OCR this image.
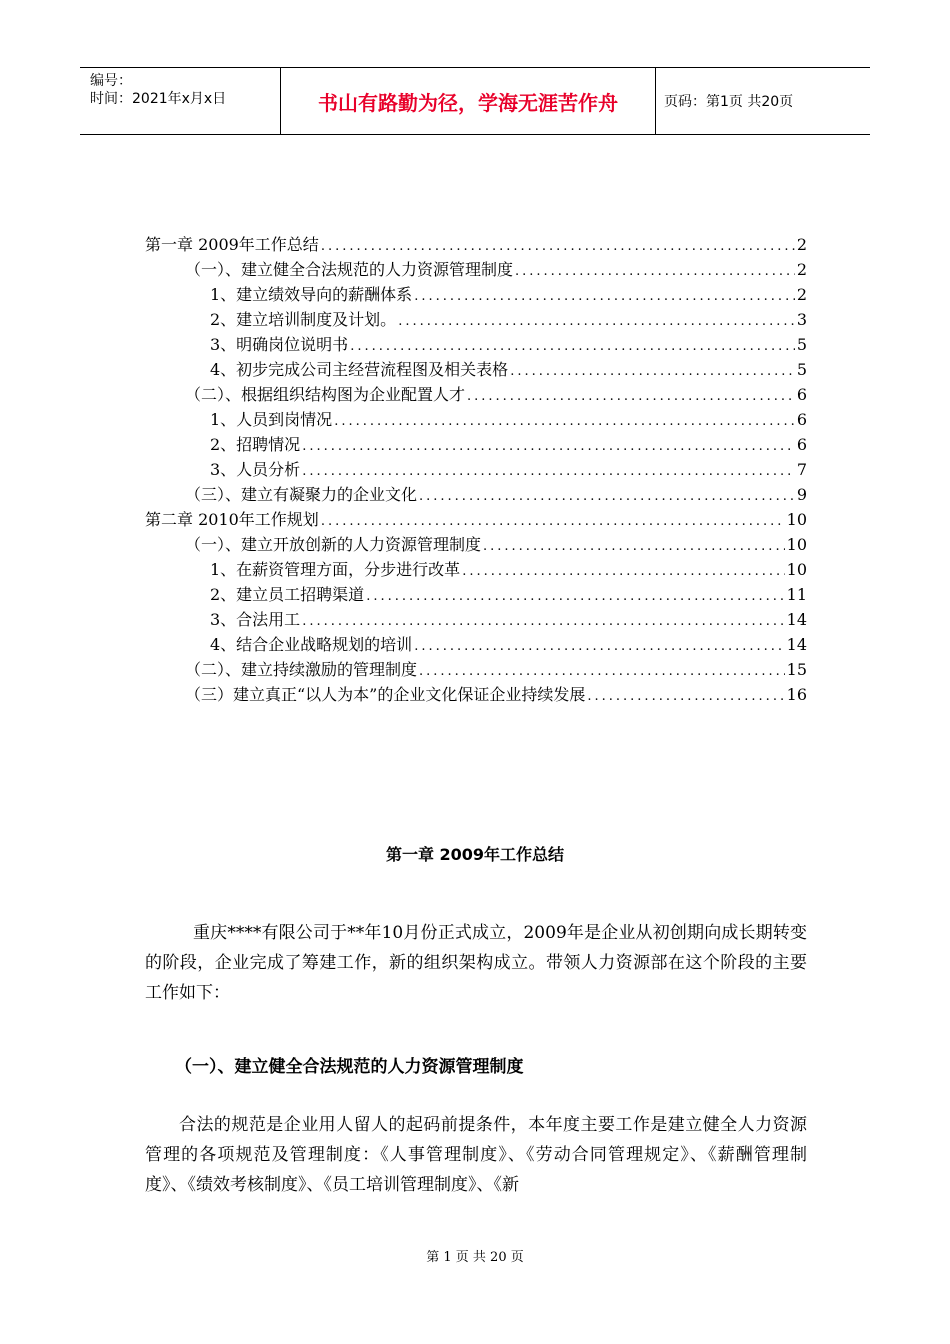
编号：
时间：2021年x月x日	书山有路勤为径，学海无涯苦作舟	页码：第1页 共20页
第一章 2009年工作总结 .....	2
（一）、建立健全合法规范的人力资源管理制度 .....	2
1、建立绩效导向的薪酬体系 .....	2
2、建立培训制度及计划。 .....	3
3、明确岗位说明书 .....	5
4、初步完成公司主经营流程图及相关表格 .....	5
（二）、根据组织结构图为企业配置人才 .....	6
1、人员到岗情况 .....	6
2、招聘情况 .....	6
3、人员分析 .....	7
（三）、建立有凝聚力的企业文化 .....	9
第二章 2010年工作规划 .....	10
（一）、建立开放创新的人力资源管理制度 .....	10
1、在薪资管理方面，分步进行改革 .....	10
2、建立员工招聘渠道 .....	11
3、合法用工 .....	14
4、结合企业战略规划的培训 .....	14
（二）、建立持续激励的管理制度 .....	15
（三）建立真正“以人为本”的企业文化保证企业持续发展 .....	16
第一章 2009年工作总结
重庆****有限公司于**年10月份正式成立，2009年是企业从初创期向成长期转变的阶段，企业完成了筹建工作，新的组织架构成立。带领人力资源部在这个阶段的主要工作如下：
（一）、建立健全合法规范的人力资源管理制度
合法的规范是企业用人留人的起码前提条件，本年度主要工作是建立健全人力资源管理的各项规范及管理制度：《人事管理制度》、《劳动合同管理规定》、《薪酬管理制度》、《绩效考核制度》、《员工培训管理制度》、《新
第 1 页 共 20 页
